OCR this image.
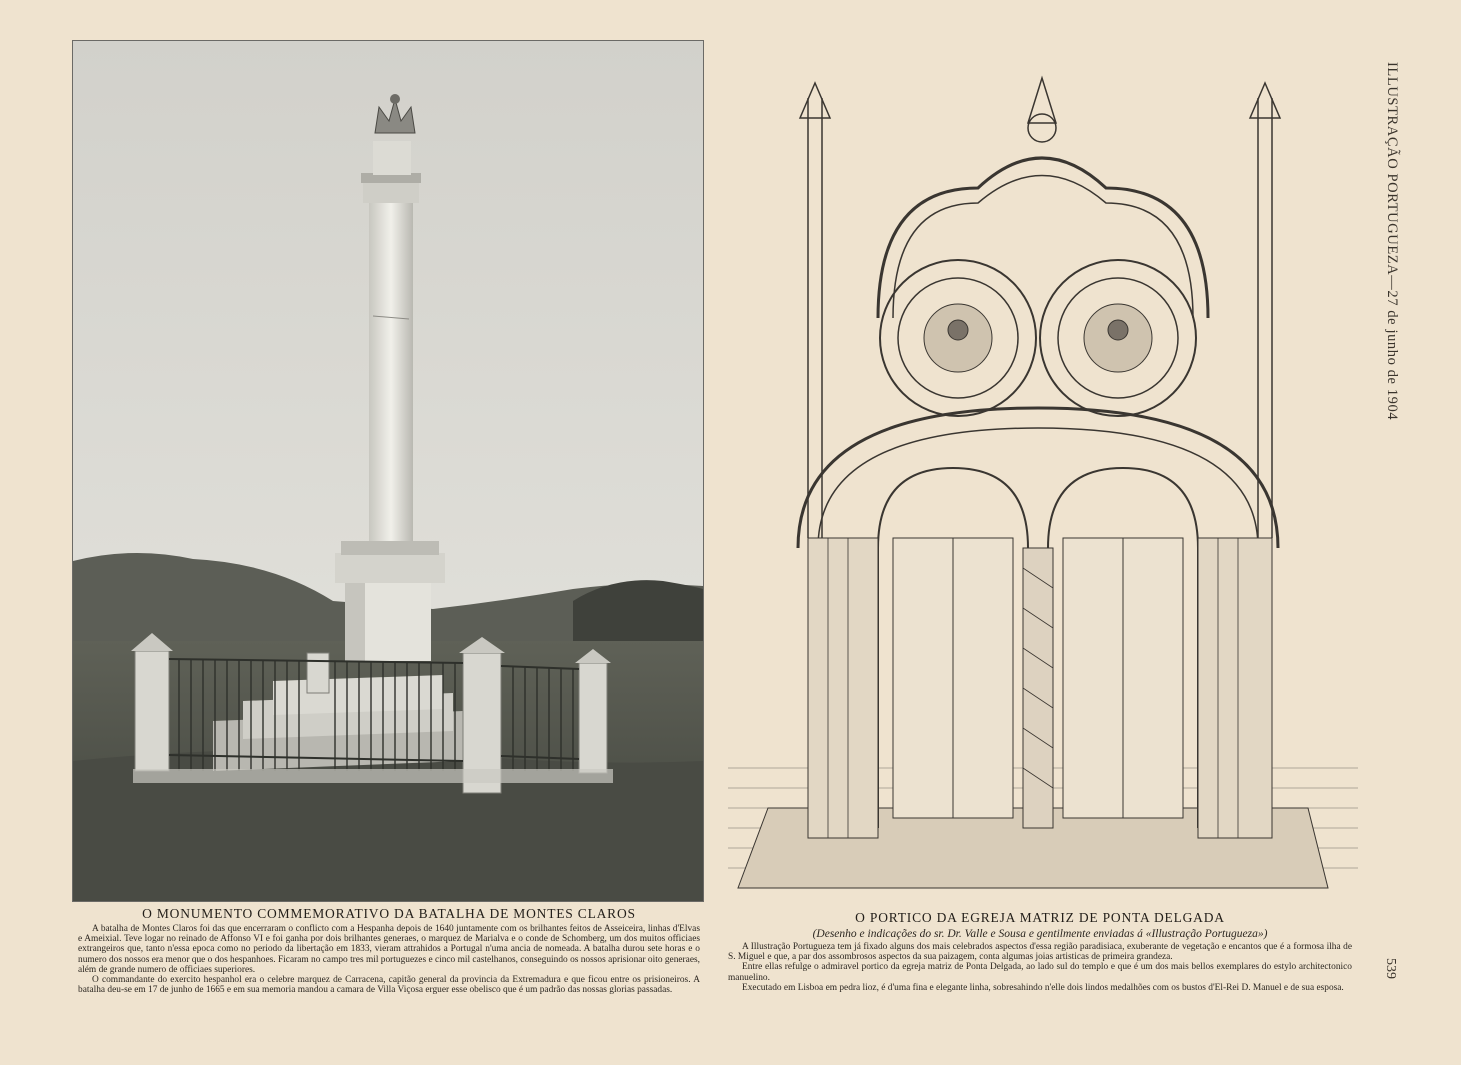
O MONUMENTO COMMEMORATIVO DA BATALHA DE MONTES CLAROS

A batalha de Montes Claros foi das que encerraram o conflicto com a Hespanha depois de 1640 juntamente com os brilhantes feitos de Asseiceira, linhas d'Elvas e Ameixial. Teve logar no reinado de Affonso VI e foi ganha por dois brilhantes generaes, o marquez de Marialva e o conde de Schomberg, um dos muitos officiaes extrangeiros que, tanto n'essa epoca como no periodo da libertação em 1833, vieram attrahidos a Portugal n'uma ancia de nomeada. A batalha durou sete horas e o numero dos nossos era menor que o dos hespanhoes. Ficaram no campo tres mil portuguezes e cinco mil castelhanos, conseguindo os nossos aprisionar oito generaes, além de grande numero de officiaes superiores.

O commandante do exercito hespanhol era o celebre marquez de Carracena, capitão general da provincia da Extremadura e que ficou entre os prisioneiros. A batalha deu-se em 17 de junho de 1665 e em sua memoria mandou a camara de Villa Viçosa erguer esse obelisco que é um padrão das nossas glorias passadas.

O PORTICO DA EGREJA MATRIZ DE PONTA DELGADA

(Desenho e indicações do sr. Dr. Valle e Sousa e gentilmente enviadas á «Illustração Portugueza»)

A Illustração Portugueza tem já fixado alguns dos mais celebrados aspectos d'essa região paradisiaca, exuberante de vegetação e encantos que é a formosa ilha de S. Miguel e que, a par dos assombrosos aspectos da sua paizagem, conta algumas joias artisticas de primeira grandeza.

Entre ellas refulge o admiravel portico da egreja matriz de Ponta Delgada, ao lado sul do templo e que é um dos mais bellos exemplares do estylo architectonico manuelino.

Executado em Lisboa em pedra lioz, é d'uma fina e elegante linha, sobresahindo n'elle dois lindos medalhões com os bustos d'El-Rei D. Manuel e de sua esposa.

ILLUSTRAÇÃO PORTUGUEZA—27 de junho de 1904
539
